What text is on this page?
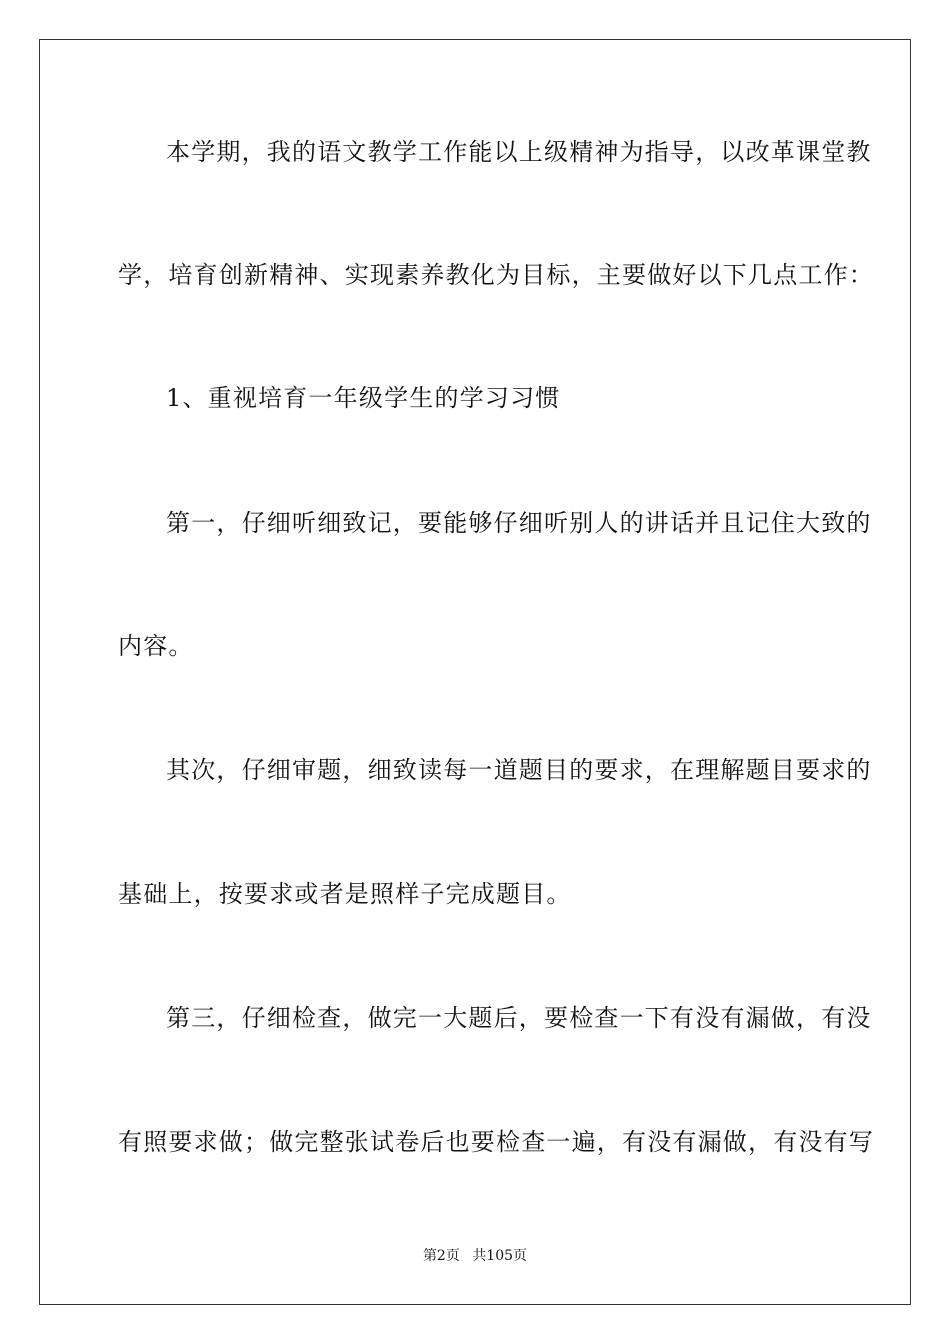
本学期，我的语文教学工作能以上级精神为指导，以改革课堂教
学，培育创新精神、实现素养教化为目标，主要做好以下几点工作：
1、重视培育一年级学生的学习习惯
第一，仔细听细致记，要能够仔细听别人的讲话并且记住大致的
内容。
其次，仔细审题，细致读每一道题目的要求，在理解题目要求的
基础上，按要求或者是照样子完成题目。
第三，仔细检查，做完一大题后，要检查一下有没有漏做，有没
有照要求做；做完整张试卷后也要检查一遍，有没有漏做，有没有写
第2页 共105页
